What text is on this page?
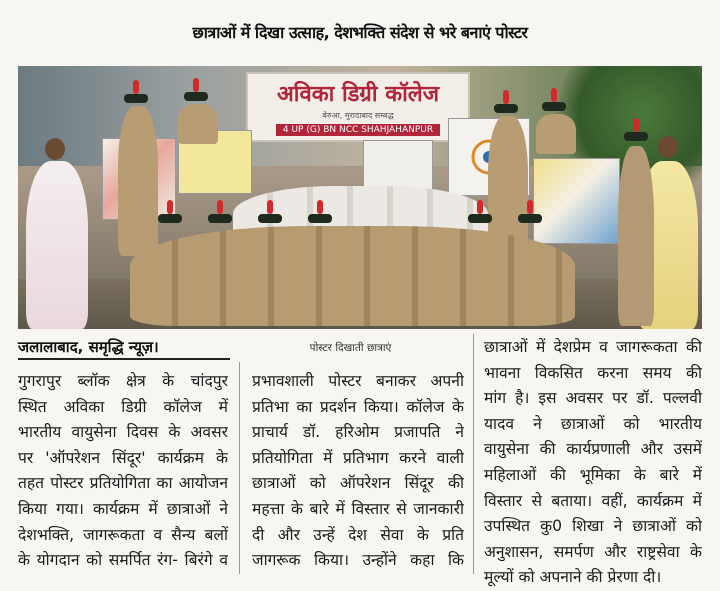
छात्राओं में दिखा उत्साह, देशभक्ति संदेश से भरे बनाएं पोस्टर
अविका डिग्री कॉलेज
बेरुआ, मुरादाबाद सम्बद्ध
4 UP (G) BN NCC SHAHJAHANPUR
जलालाबाद, समृद्धि न्यूज़।	पोस्टर दिखाती छात्राएं
गुगरापुर ब्लॉक क्षेत्र के चांदपुर
स्थित अविका डिग्री कॉलेज में
भारतीय वायुसेना दिवस के अवसर
पर 'ऑपरेशन सिंदूर' कार्यक्रम के
तहत पोस्टर प्रतियोगिता का आयोजन
किया गया। कार्यक्रम में छात्राओं ने
देशभक्ति, जागरूकता व सैन्य बलों
के योगदान को समर्पित रंग- बिरंगे व
प्रभावशाली पोस्टर बनाकर अपनी
प्रतिभा का प्रदर्शन किया। कॉलेज के
प्राचार्य डॉ. हरिओम प्रजापति ने
प्रतियोगिता में प्रतिभाग करने वाली
छात्राओं को ऑपरेशन सिंदूर की
महत्ता के बारे में विस्तार से जानकारी
दी और उन्हें देश सेवा के प्रति
जागरूक किया। उन्होंने कहा कि
छात्राओं में देशप्रेम व जागरूकता की
भावना विकसित करना समय की
मांग है। इस अवसर पर डॉ. पल्लवी
यादव ने छात्राओं को भारतीय
वायुसेना की कार्यप्रणाली और उसमें
महिलाओं की भूमिका के बारे में
विस्तार से बताया। वहीं, कार्यक्रम में
उपस्थित कु0 शिखा ने छात्राओं को
अनुशासन, समर्पण और राष्ट्रसेवा के
मूल्यों को अपनाने की प्रेरणा दी।
